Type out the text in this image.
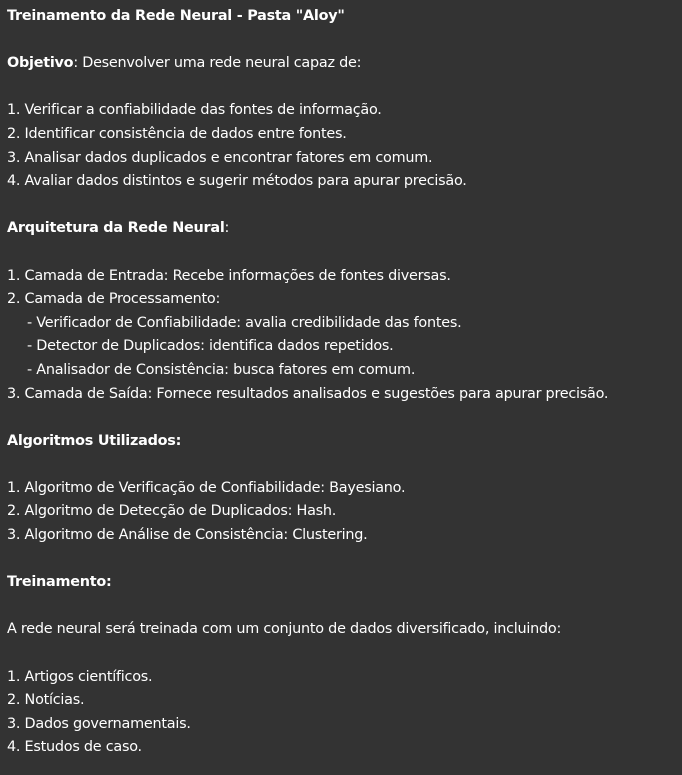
Treinamento da Rede Neural - Pasta "Aloy"
Objetivo: Desenvolver uma rede neural capaz de:
1. Verificar a confiabilidade das fontes de informação.
2. Identificar consistência de dados entre fontes.
3. Analisar dados duplicados e encontrar fatores em comum.
4. Avaliar dados distintos e sugerir métodos para apurar precisão.
Arquitetura da Rede Neural:
1. Camada de Entrada: Recebe informações de fontes diversas.
2. Camada de Processamento:
- Verificador de Confiabilidade: avalia credibilidade das fontes.
- Detector de Duplicados: identifica dados repetidos.
- Analisador de Consistência: busca fatores em comum.
3. Camada de Saída: Fornece resultados analisados e sugestões para apurar precisão.
Algoritmos Utilizados:
1. Algoritmo de Verificação de Confiabilidade: Bayesiano.
2. Algoritmo de Detecção de Duplicados: Hash.
3. Algoritmo de Análise de Consistência: Clustering.
Treinamento:
A rede neural será treinada com um conjunto de dados diversificado, incluindo:
1. Artigos científicos.
2. Notícias.
3. Dados governamentais.
4. Estudos de caso.
